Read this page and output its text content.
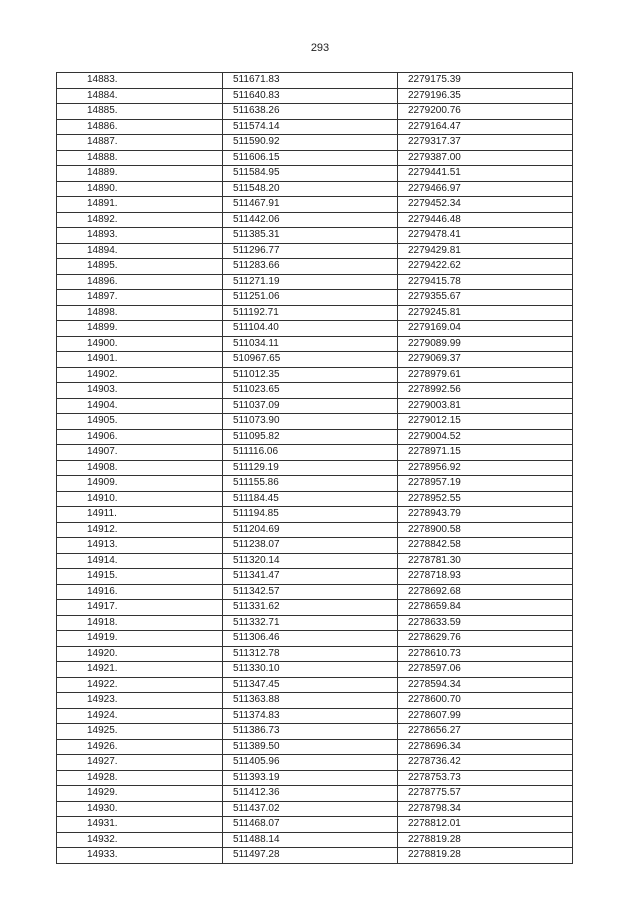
293
14883.	511671.83	2279175.39
14884.	511640.83	2279196.35
14885.	511638.26	2279200.76
14886.	511574.14	2279164.47
14887.	511590.92	2279317.37
14888.	511606.15	2279387.00
14889.	511584.95	2279441.51
14890.	511548.20	2279466.97
14891.	511467.91	2279452.34
14892.	511442.06	2279446.48
14893.	511385.31	2279478.41
14894.	511296.77	2279429.81
14895.	511283.66	2279422.62
14896.	511271.19	2279415.78
14897.	511251.06	2279355.67
14898.	511192.71	2279245.81
14899.	511104.40	2279169.04
14900.	511034.11	2279089.99
14901.	510967.65	2279069.37
14902.	511012.35	2278979.61
14903.	511023.65	2278992.56
14904.	511037.09	2279003.81
14905.	511073.90	2279012.15
14906.	511095.82	2279004.52
14907.	511116.06	2278971.15
14908.	511129.19	2278956.92
14909.	511155.86	2278957.19
14910.	511184.45	2278952.55
14911.	511194.85	2278943.79
14912.	511204.69	2278900.58
14913.	511238.07	2278842.58
14914.	511320.14	2278781.30
14915.	511341.47	2278718.93
14916.	511342.57	2278692.68
14917.	511331.62	2278659.84
14918.	511332.71	2278633.59
14919.	511306.46	2278629.76
14920.	511312.78	2278610.73
14921.	511330.10	2278597.06
14922.	511347.45	2278594.34
14923.	511363.88	2278600.70
14924.	511374.83	2278607.99
14925.	511386.73	2278656.27
14926.	511389.50	2278696.34
14927.	511405.96	2278736.42
14928.	511393.19	2278753.73
14929.	511412.36	2278775.57
14930.	511437.02	2278798.34
14931.	511468.07	2278812.01
14932.	511488.14	2278819.28
14933.	511497.28	2278819.28
